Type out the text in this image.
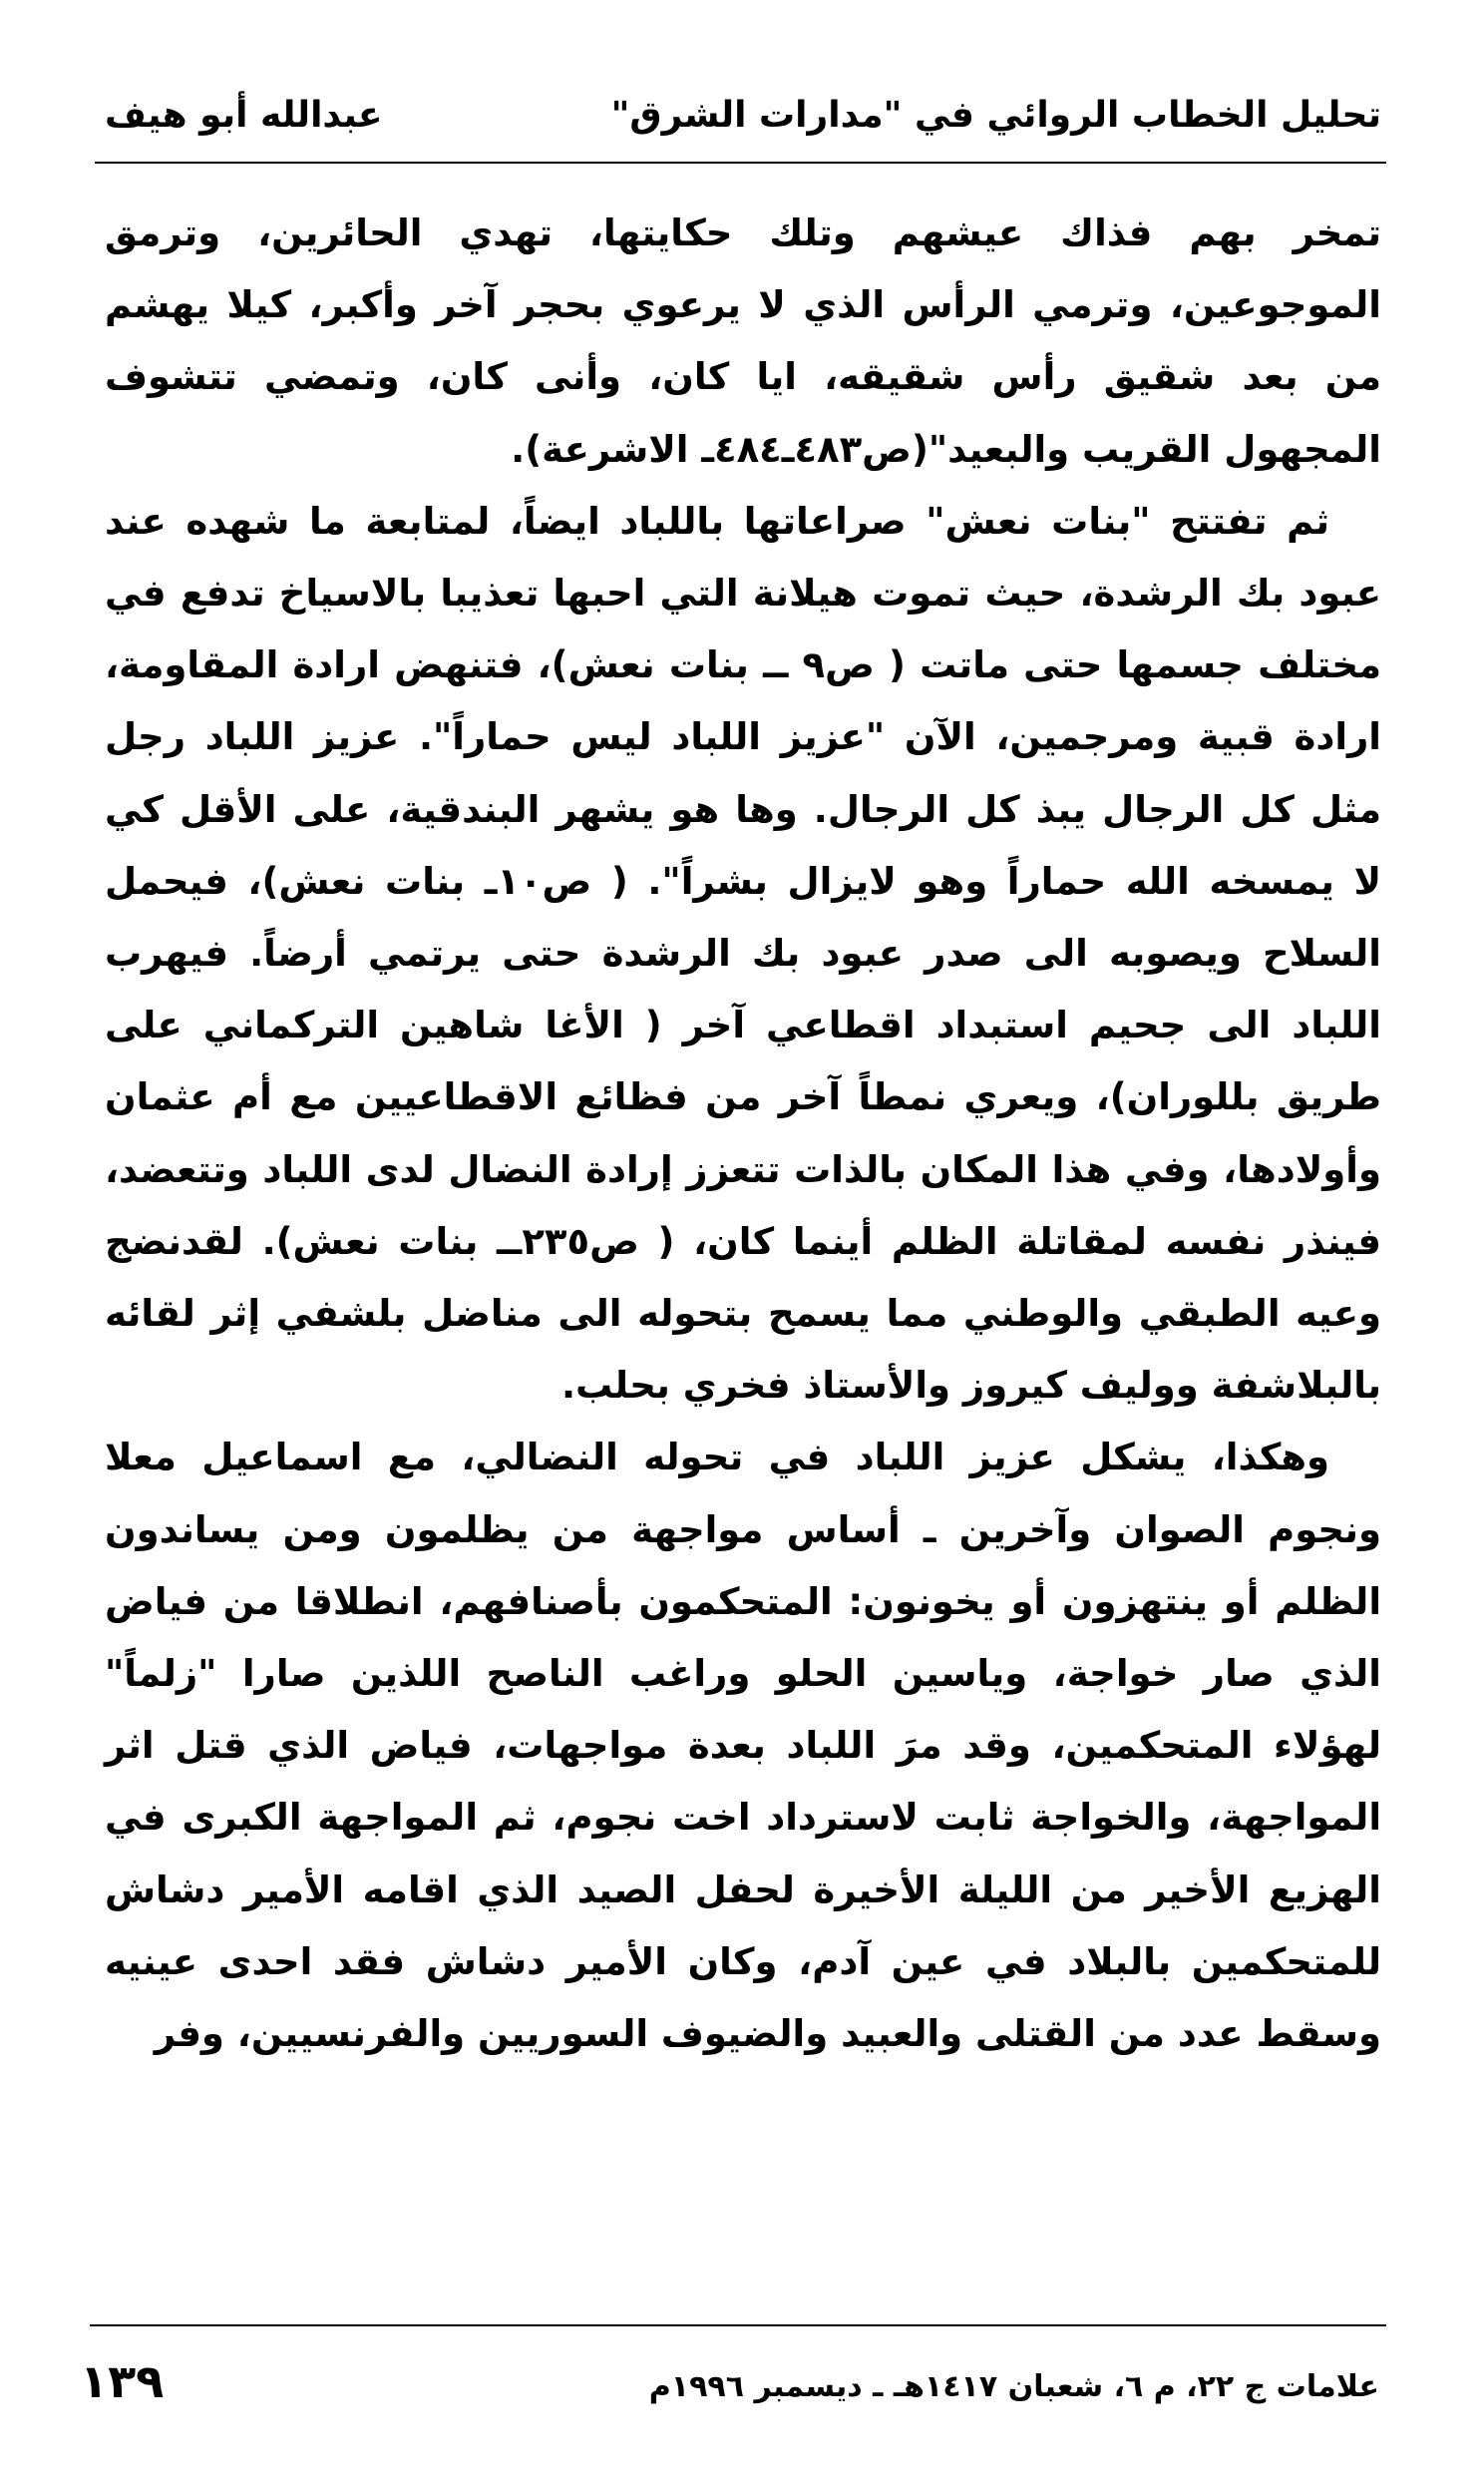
تحليل الخطاب الروائي في "مدارات الشرق"
عبدالله أبو هيف

تمخر بهم فذاك عيشهم وتلك حكايتها، تهدي الحائرين، وترمق الموجوعين، وترمي الرأس الذي لا يرعوي بحجر آخر وأكبر، كيلا يهشم من بعد شقيق رأس شقيقه، ايا كان، وأنى كان، وتمضي تتشوف المجهول القريب والبعيد"(ص٤٨٣ـ٤٨٤ـ الاشرعة).

ثم تفتتح "بنات نعش" صراعاتها باللباد ايضاً، لمتابعة ما شهده عند عبود بك الرشدة، حيث تموت هيلانة التي احبها تعذيبا بالاسياخ تدفع في مختلف جسمها حتى ماتت ( ص٩ ــ بنات نعش)، فتنهض ارادة المقاومة، ارادة قبية ومرجمين، الآن "عزيز اللباد ليس حماراً". عزيز اللباد رجل مثل كل الرجال يبذ كل الرجال. وها هو يشهر البندقية، على الأقل كي لا يمسخه الله حماراً وهو لايزال بشراً". ( ص١٠ـ بنات نعش)، فيحمل السلاح ويصوبه الى صدر عبود بك الرشدة حتى يرتمي أرضاً. فيهرب اللباد الى جحيم استبداد اقطاعي آخر ( الأغا شاهين التركماني على طريق بللوران)، ويعري نمطاً آخر من فظائع الاقطاعيين مع أم عثمان وأولادها، وفي هذا المكان بالذات تتعزز إرادة النضال لدى اللباد وتتعضد، فينذر نفسه لمقاتلة الظلم أينما كان، ( ص٢٣٥ــ بنات نعش). لقدنضج وعيه الطبقي والوطني مما يسمح بتحوله الى مناضل بلشفي إثر لقائه بالبلاشفة ووليف كيروز والأستاذ فخري بحلب.

وهكذا، يشكل عزيز اللباد في تحوله النضالي، مع اسماعيل معلا ونجوم الصوان وآخرين ـ أساس مواجهة من يظلمون ومن يساندون الظلم أو ينتهزون أو يخونون: المتحكمون بأصنافهم، انطلاقا من فياض الذي صار خواجة، وياسين الحلو وراغب الناصح اللذين صارا "زلماً" لهؤلاء المتحكمين، وقد مرَ اللباد بعدة مواجهات، فياض الذي قتل اثر المواجهة، والخواجة ثابت لاسترداد اخت نجوم، ثم المواجهة الكبرى في الهزيع الأخير من الليلة الأخيرة لحفل الصيد الذي اقامه الأمير دشاش للمتحكمين بالبلاد في عين آدم، وكان الأمير دشاش فقد احدى عينيه وسقط عدد من القتلى والعبيد والضيوف السوريين والفرنسيين، وفر

١٣٩	علامات ج ٢٢، م ٦، شعبان ١٤١٧هـ ـ ديسمبر ١٩٩٦م
